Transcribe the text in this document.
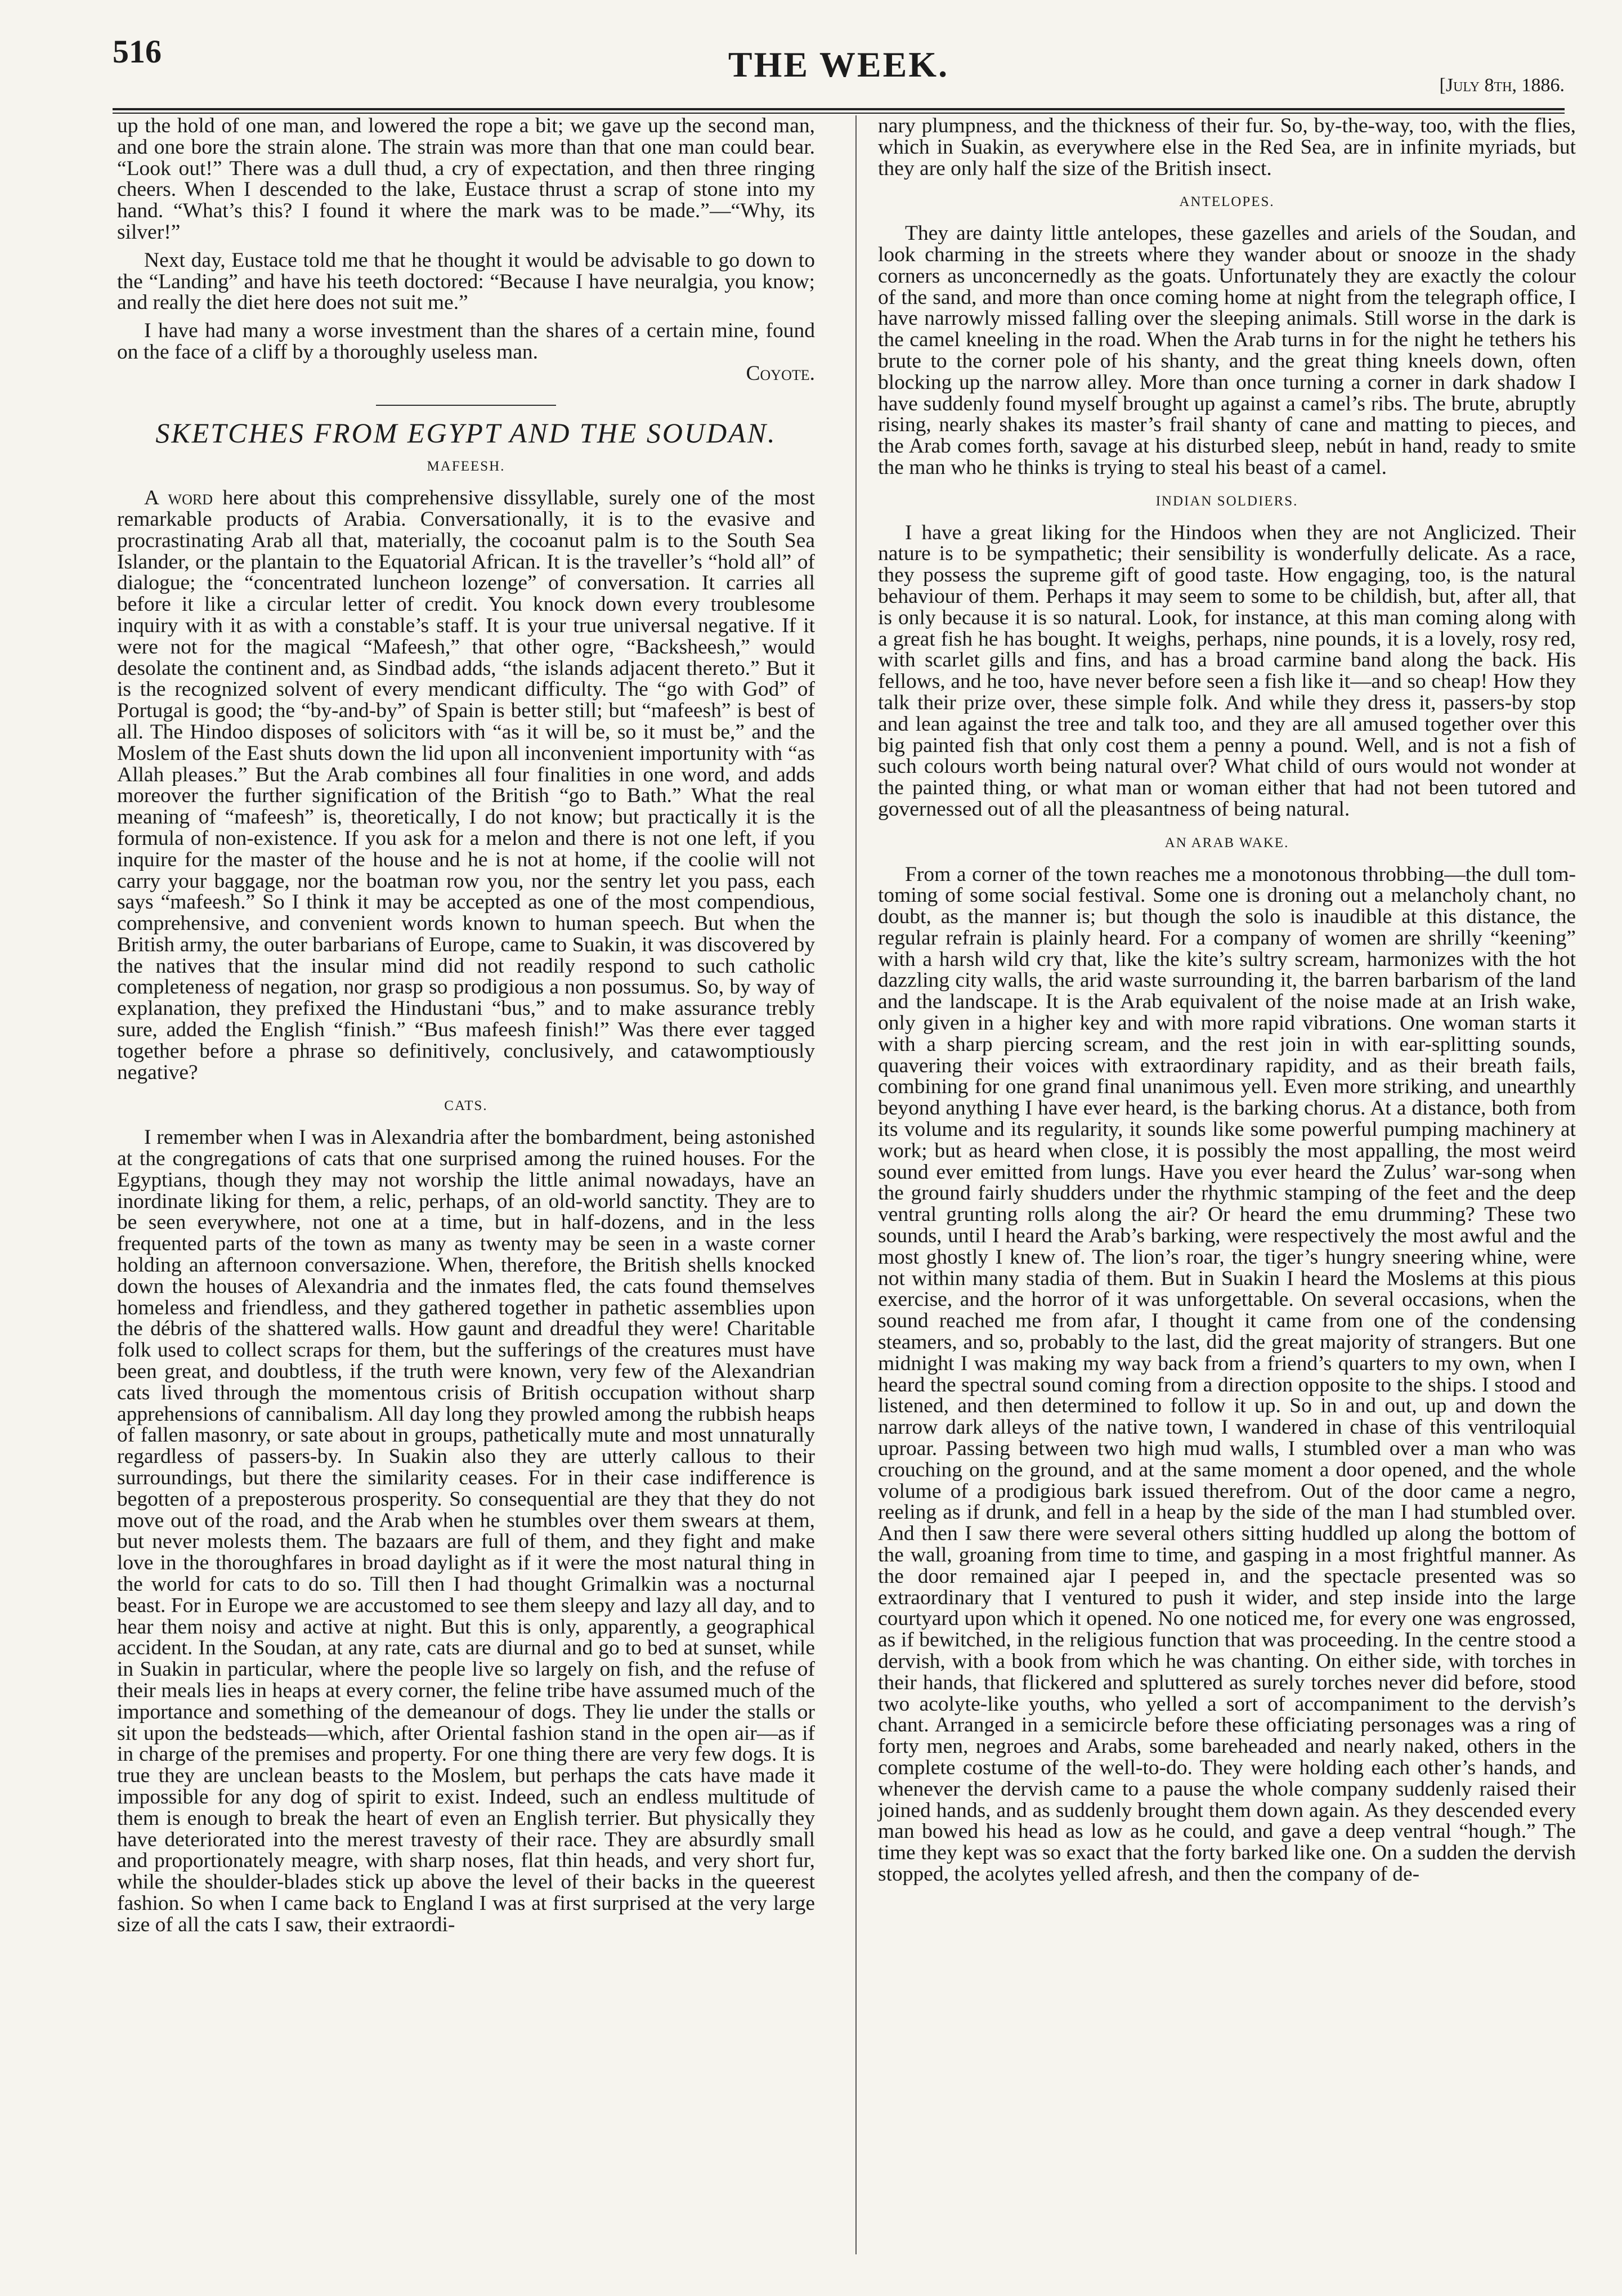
516	THE WEEK.
[July 8th, 1886.

up the hold of one man, and lowered the rope a bit; we gave up the second man, and one bore the strain alone. The strain was more than that one man could bear. “Look out!” There was a dull thud, a cry of expectation, and then three ringing cheers. When I descended to the lake, Eustace thrust a scrap of stone into my hand. “What’s this? I found it where the mark was to be made.”—“Why, its silver!”

Next day, Eustace told me that he thought it would be advisable to go down to the “Landing” and have his teeth doctored: “Because I have neuralgia, you know; and really the diet here does not suit me.”

I have had many a worse investment than the shares of a certain mine, found on the face of a cliff by a thoroughly useless man.
Coyote.

SKETCHES FROM EGYPT AND THE SOUDAN.
MAFEESH.

A word here about this comprehensive dissyllable, surely one of the most remarkable products of Arabia. Conversationally, it is to the evasive and procrastinating Arab all that, materially, the cocoanut palm is to the South Sea Islander, or the plantain to the Equatorial African. It is the traveller’s “hold all” of dialogue; the “concentrated luncheon lozenge” of conversation. It carries all before it like a circular letter of credit. You knock down every troublesome inquiry with it as with a constable’s staff. It is your true universal negative. If it were not for the magical “Mafeesh,” that other ogre, “Backsheesh,” would desolate the continent and, as Sindbad adds, “the islands adjacent thereto.” But it is the recognized solvent of every mendicant difficulty. The “go with God” of Portugal is good; the “by-and-by” of Spain is better still; but “mafeesh” is best of all. The Hindoo disposes of solicitors with “as it will be, so it must be,” and the Moslem of the East shuts down the lid upon all inconvenient importunity with “as Allah pleases.” But the Arab combines all four finalities in one word, and adds moreover the further signification of the British “go to Bath.” What the real meaning of “mafeesh” is, theoretically, I do not know; but practically it is the formula of non-existence. If you ask for a melon and there is not one left, if you inquire for the master of the house and he is not at home, if the coolie will not carry your baggage, nor the boatman row you, nor the sentry let you pass, each says “mafeesh.” So I think it may be accepted as one of the most compendious, comprehensive, and convenient words known to human speech. But when the British army, the outer barbarians of Europe, came to Suakin, it was discovered by the natives that the insular mind did not readily respond to such catholic completeness of negation, nor grasp so prodigious a non possumus. So, by way of explanation, they prefixed the Hindustani “bus,” and to make assurance trebly sure, added the English “finish.” “Bus mafeesh finish!” Was there ever tagged together before a phrase so definitively, conclusively, and catawomptiously negative?

CATS.

I remember when I was in Alexandria after the bombardment, being astonished at the congregations of cats that one surprised among the ruined houses. For the Egyptians, though they may not worship the little animal nowadays, have an inordinate liking for them, a relic, perhaps, of an old-world sanctity. They are to be seen everywhere, not one at a time, but in half-dozens, and in the less frequented parts of the town as many as twenty may be seen in a waste corner holding an afternoon conversazione. When, therefore, the British shells knocked down the houses of Alexandria and the inmates fled, the cats found themselves homeless and friendless, and they gathered together in pathetic assemblies upon the débris of the shattered walls. How gaunt and dreadful they were! Charitable folk used to collect scraps for them, but the sufferings of the creatures must have been great, and doubtless, if the truth were known, very few of the Alexandrian cats lived through the momentous crisis of British occupation without sharp apprehensions of cannibalism. All day long they prowled among the rubbish heaps of fallen masonry, or sate about in groups, pathetically mute and most unnaturally regardless of passers-by. In Suakin also they are utterly callous to their surroundings, but there the similarity ceases. For in their case indifference is begotten of a preposterous prosperity. So consequential are they that they do not move out of the road, and the Arab when he stumbles over them swears at them, but never molests them. The bazaars are full of them, and they fight and make love in the thoroughfares in broad daylight as if it were the most natural thing in the world for cats to do so. Till then I had thought Grimalkin was a nocturnal beast. For in Europe we are accustomed to see them sleepy and lazy all day, and to hear them noisy and active at night. But this is only, apparently, a geographical accident. In the Soudan, at any rate, cats are diurnal and go to bed at sunset, while in Suakin in particular, where the people live so largely on fish, and the refuse of their meals lies in heaps at every corner, the feline tribe have assumed much of the importance and something of the demeanour of dogs. They lie under the stalls or sit upon the bedsteads—which, after Oriental fashion stand in the open air—as if in charge of the premises and property. For one thing there are very few dogs. It is true they are unclean beasts to the Moslem, but perhaps the cats have made it impossible for any dog of spirit to exist. Indeed, such an endless multitude of them is enough to break the heart of even an English terrier. But physically they have deteriorated into the merest travesty of their race. They are absurdly small and proportionately meagre, with sharp noses, flat thin heads, and very short fur, while the shoulder-blades stick up above the level of their backs in the queerest fashion. So when I came back to England I was at first surprised at the very large size of all the cats I saw, their extraordi-

nary plumpness, and the thickness of their fur. So, by-the-way, too, with the flies, which in Suakin, as everywhere else in the Red Sea, are in infinite myriads, but they are only half the size of the British insect.

ANTELOPES.

They are dainty little antelopes, these gazelles and ariels of the Soudan, and look charming in the streets where they wander about or snooze in the shady corners as unconcernedly as the goats. Unfortunately they are exactly the colour of the sand, and more than once coming home at night from the telegraph office, I have narrowly missed falling over the sleeping animals. Still worse in the dark is the camel kneeling in the road. When the Arab turns in for the night he tethers his brute to the corner pole of his shanty, and the great thing kneels down, often blocking up the narrow alley. More than once turning a corner in dark shadow I have suddenly found myself brought up against a camel’s ribs. The brute, abruptly rising, nearly shakes its master’s frail shanty of cane and matting to pieces, and the Arab comes forth, savage at his disturbed sleep, nebút in hand, ready to smite the man who he thinks is trying to steal his beast of a camel.

INDIAN SOLDIERS.

I have a great liking for the Hindoos when they are not Anglicized. Their nature is to be sympathetic; their sensibility is wonderfully delicate. As a race, they possess the supreme gift of good taste. How engaging, too, is the natural behaviour of them. Perhaps it may seem to some to be childish, but, after all, that is only because it is so natural. Look, for instance, at this man coming along with a great fish he has bought. It weighs, perhaps, nine pounds, it is a lovely, rosy red, with scarlet gills and fins, and has a broad carmine band along the back. His fellows, and he too, have never before seen a fish like it—and so cheap! How they talk their prize over, these simple folk. And while they dress it, passers-by stop and lean against the tree and talk too, and they are all amused together over this big painted fish that only cost them a penny a pound. Well, and is not a fish of such colours worth being natural over? What child of ours would not wonder at the painted thing, or what man or woman either that had not been tutored and governessed out of all the pleasantness of being natural.

AN ARAB WAKE.

From a corner of the town reaches me a monotonous throbbing—the dull tom-toming of some social festival. Some one is droning out a melancholy chant, no doubt, as the manner is; but though the solo is inaudible at this distance, the regular refrain is plainly heard. For a company of women are shrilly “keening” with a harsh wild cry that, like the kite’s sultry scream, harmonizes with the hot dazzling city walls, the arid waste surrounding it, the barren barbarism of the land and the landscape. It is the Arab equivalent of the noise made at an Irish wake, only given in a higher key and with more rapid vibrations. One woman starts it with a sharp piercing scream, and the rest join in with ear-splitting sounds, quavering their voices with extraordinary rapidity, and as their breath fails, combining for one grand final unanimous yell. Even more striking, and unearthly beyond anything I have ever heard, is the barking chorus. At a distance, both from its volume and its regularity, it sounds like some powerful pumping machinery at work; but as heard when close, it is possibly the most appalling, the most weird sound ever emitted from lungs. Have you ever heard the Zulus’ war-song when the ground fairly shudders under the rhythmic stamping of the feet and the deep ventral grunting rolls along the air? Or heard the emu drumming? These two sounds, until I heard the Arab’s barking, were respectively the most awful and the most ghostly I knew of. The lion’s roar, the tiger’s hungry sneering whine, were not within many stadia of them. But in Suakin I heard the Moslems at this pious exercise, and the horror of it was unforgettable. On several occasions, when the sound reached me from afar, I thought it came from one of the condensing steamers, and so, probably to the last, did the great majority of strangers. But one midnight I was making my way back from a friend’s quarters to my own, when I heard the spectral sound coming from a direction opposite to the ships. I stood and listened, and then determined to follow it up. So in and out, up and down the narrow dark alleys of the native town, I wandered in chase of this ventriloquial uproar. Passing between two high mud walls, I stumbled over a man who was crouching on the ground, and at the same moment a door opened, and the whole volume of a prodigious bark issued therefrom. Out of the door came a negro, reeling as if drunk, and fell in a heap by the side of the man I had stumbled over. And then I saw there were several others sitting huddled up along the bottom of the wall, groaning from time to time, and gasping in a most frightful manner. As the door remained ajar I peeped in, and the spectacle presented was so extraordinary that I ventured to push it wider, and step inside into the large courtyard upon which it opened. No one noticed me, for every one was engrossed, as if bewitched, in the religious function that was proceeding. In the centre stood a dervish, with a book from which he was chanting. On either side, with torches in their hands, that flickered and spluttered as surely torches never did before, stood two acolyte-like youths, who yelled a sort of accompaniment to the dervish’s chant. Arranged in a semicircle before these officiating personages was a ring of forty men, negroes and Arabs, some bareheaded and nearly naked, others in the complete costume of the well-to-do. They were holding each other’s hands, and whenever the dervish came to a pause the whole company suddenly raised their joined hands, and as suddenly brought them down again. As they descended every man bowed his head as low as he could, and gave a deep ventral “hough.” The time they kept was so exact that the forty barked like one. On a sudden the dervish stopped, the acolytes yelled afresh, and then the company of de-
